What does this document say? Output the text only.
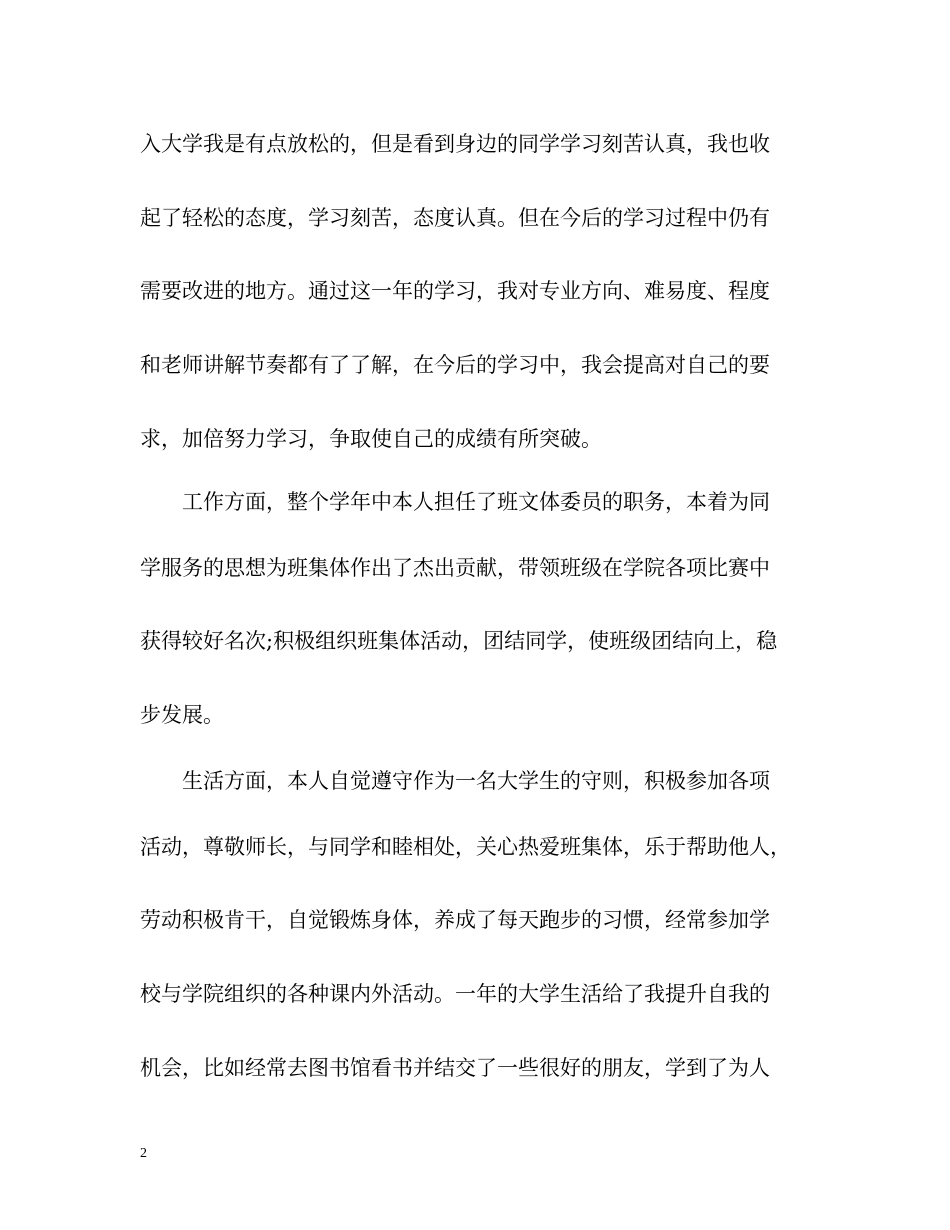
入大学我是有点放松的，但是看到身边的同学学习刻苦认真，我也收
起了轻松的态度，学习刻苦，态度认真。但在今后的学习过程中仍有
需要改进的地方。通过这一年的学习，我对专业方向、难易度、程度
和老师讲解节奏都有了了解，在今后的学习中，我会提高对自己的要
求，加倍努力学习，争取使自己的成绩有所突破。
工作方面，整个学年中本人担任了班文体委员的职务，本着为同
学服务的思想为班集体作出了杰出贡献，带领班级在学院各项比赛中
获得较好名次;积极组织班集体活动，团结同学，使班级团结向上，稳
步发展。
生活方面，本人自觉遵守作为一名大学生的守则，积极参加各项
活动，尊敬师长，与同学和睦相处，关心热爱班集体，乐于帮助他人，
劳动积极肯干，自觉锻炼身体，养成了每天跑步的习惯，经常参加学
校与学院组织的各种课内外活动。一年的大学生活给了我提升自我的
机会，比如经常去图书馆看书并结交了一些很好的朋友，学到了为人
2
